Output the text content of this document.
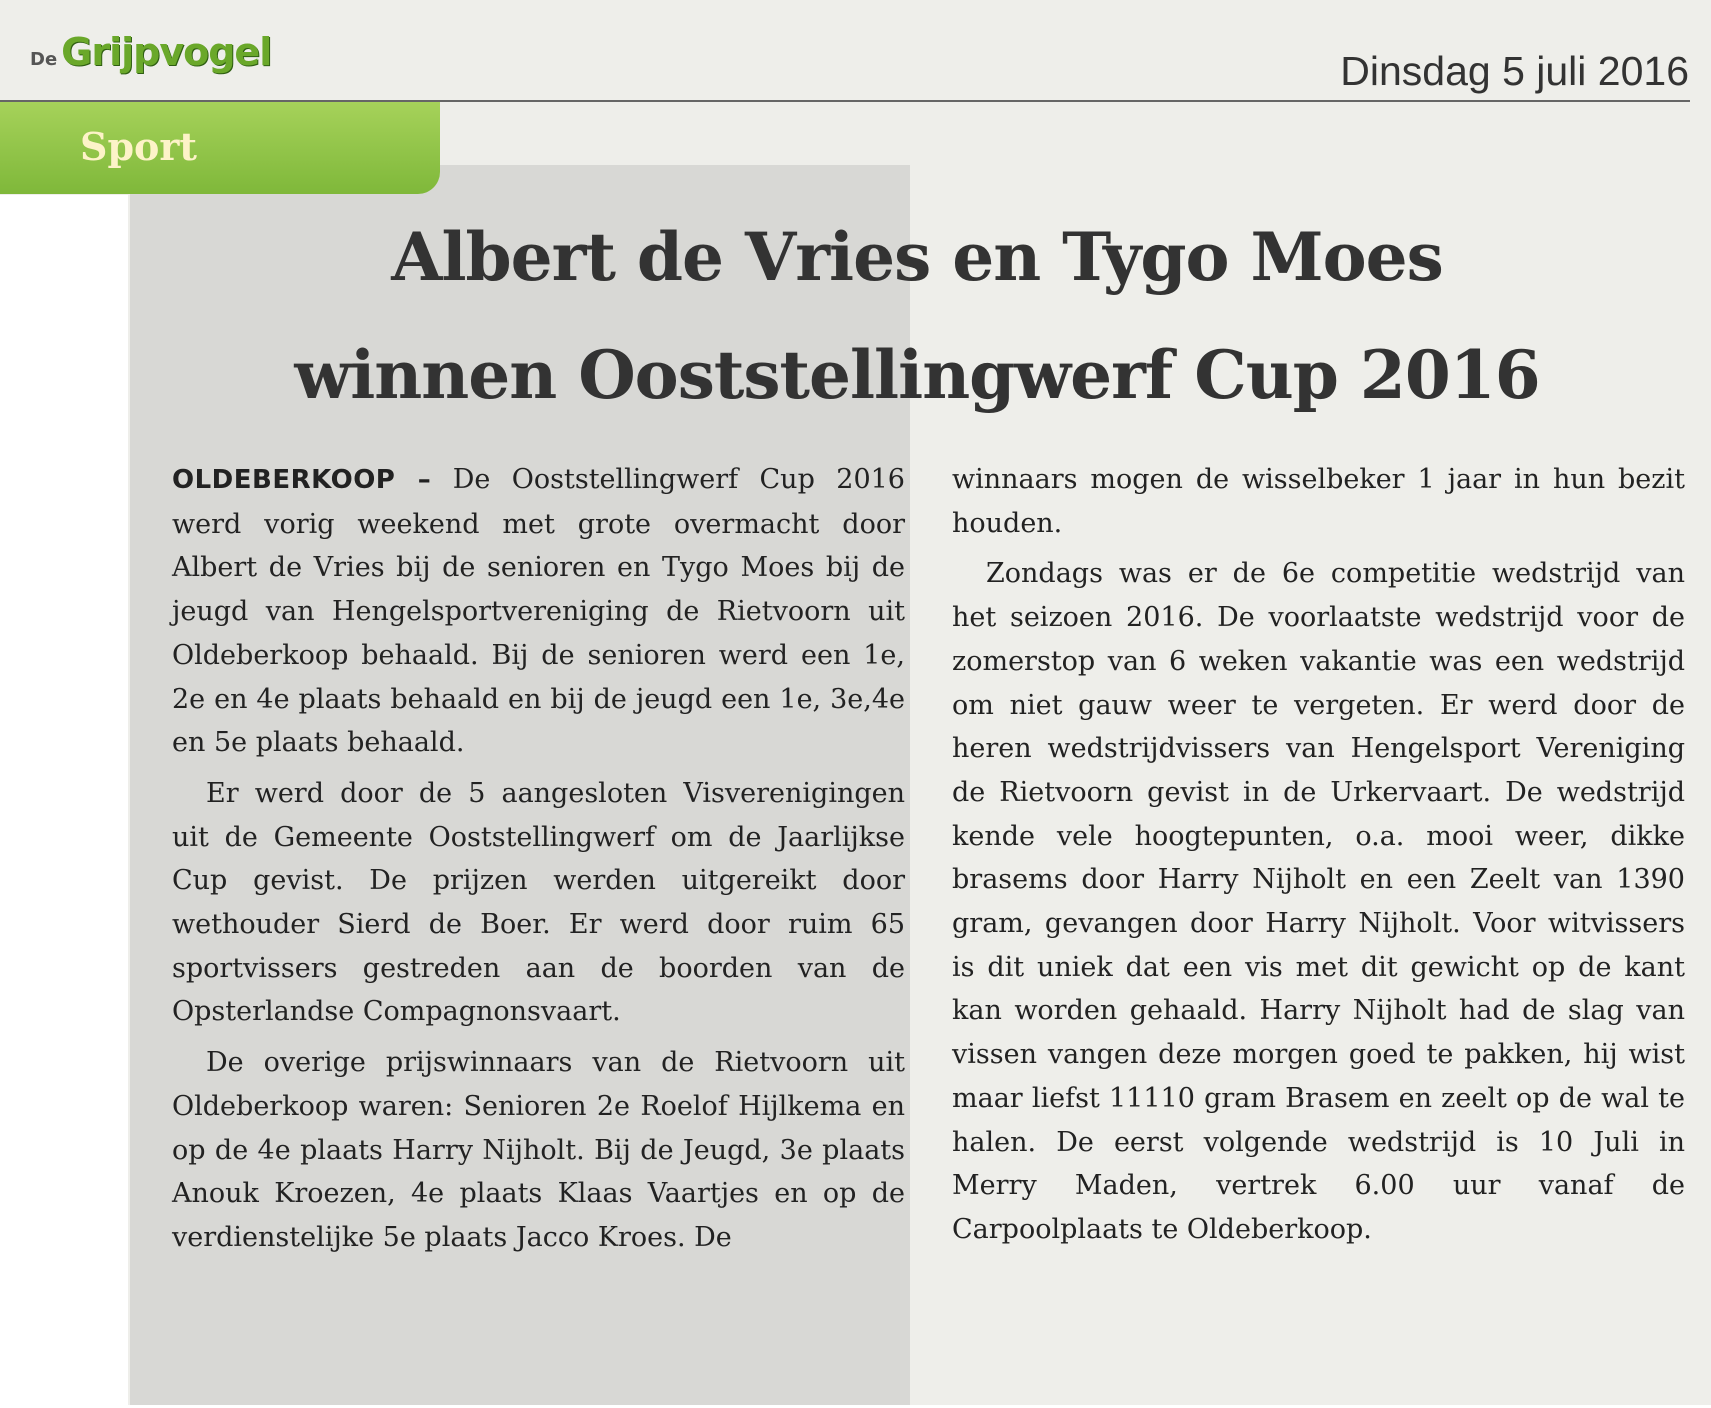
De Grijpvogel	Dinsdag 5 juli 2016
Sport
Albert de Vries en Tygo Moes
winnen Ooststellingwerf Cup 2016

OLDEBERKOOP – De Ooststellingwerf Cup 2016 werd vorig weekend met grote overmacht door Albert de Vries bij de senioren en Tygo Moes bij de jeugd van Hengelsportvereniging de Rietvoorn uit Oldeberkoop behaald. Bij de senioren werd een 1e, 2e en 4e plaats behaald en bij de jeugd een 1e, 3e,4e en 5e plaats behaald.

Er werd door de 5 aangesloten Visverenigingen uit de Gemeente Ooststellingwerf om de Jaarlijkse Cup gevist. De prijzen werden uitgereikt door wethouder Sierd de Boer. Er werd door ruim 65 sportvissers gestreden aan de boorden van de Opsterlandse Compagnonsvaart.

De overige prijswinnaars van de Rietvoorn uit Oldeberkoop waren: Senioren 2e Roelof Hijlkema en op de 4e plaats Harry Nijholt. Bij de Jeugd, 3e plaats Anouk Kroezen, 4e plaats Klaas Vaartjes en op de verdienstelijke 5e plaats Jacco Kroes. De

winnaars mogen de wisselbeker 1 jaar in hun bezit houden.

Zondags was er de 6e competitie wedstrijd van het seizoen 2016. De voorlaatste wedstrijd voor de zomerstop van 6 weken vakantie was een wedstrijd om niet gauw weer te vergeten. Er werd door de heren wedstrijdvissers van Hengelsport Vereniging de Rietvoorn gevist in de Urkervaart. De wedstrijd kende vele hoogtepunten, o.a. mooi weer, dikke brasems door Harry Nijholt en een Zeelt van 1390 gram, gevangen door Harry Nijholt. Voor witvissers is dit uniek dat een vis met dit gewicht op de kant kan worden gehaald. Harry Nijholt had de slag van vissen vangen deze morgen goed te pakken, hij wist maar liefst 11110 gram Brasem en zeelt op de wal te halen. De eerst volgende wedstrijd is 10 Juli in Merry Maden, vertrek 6.00 uur vanaf de Carpoolplaats te Oldeberkoop.
